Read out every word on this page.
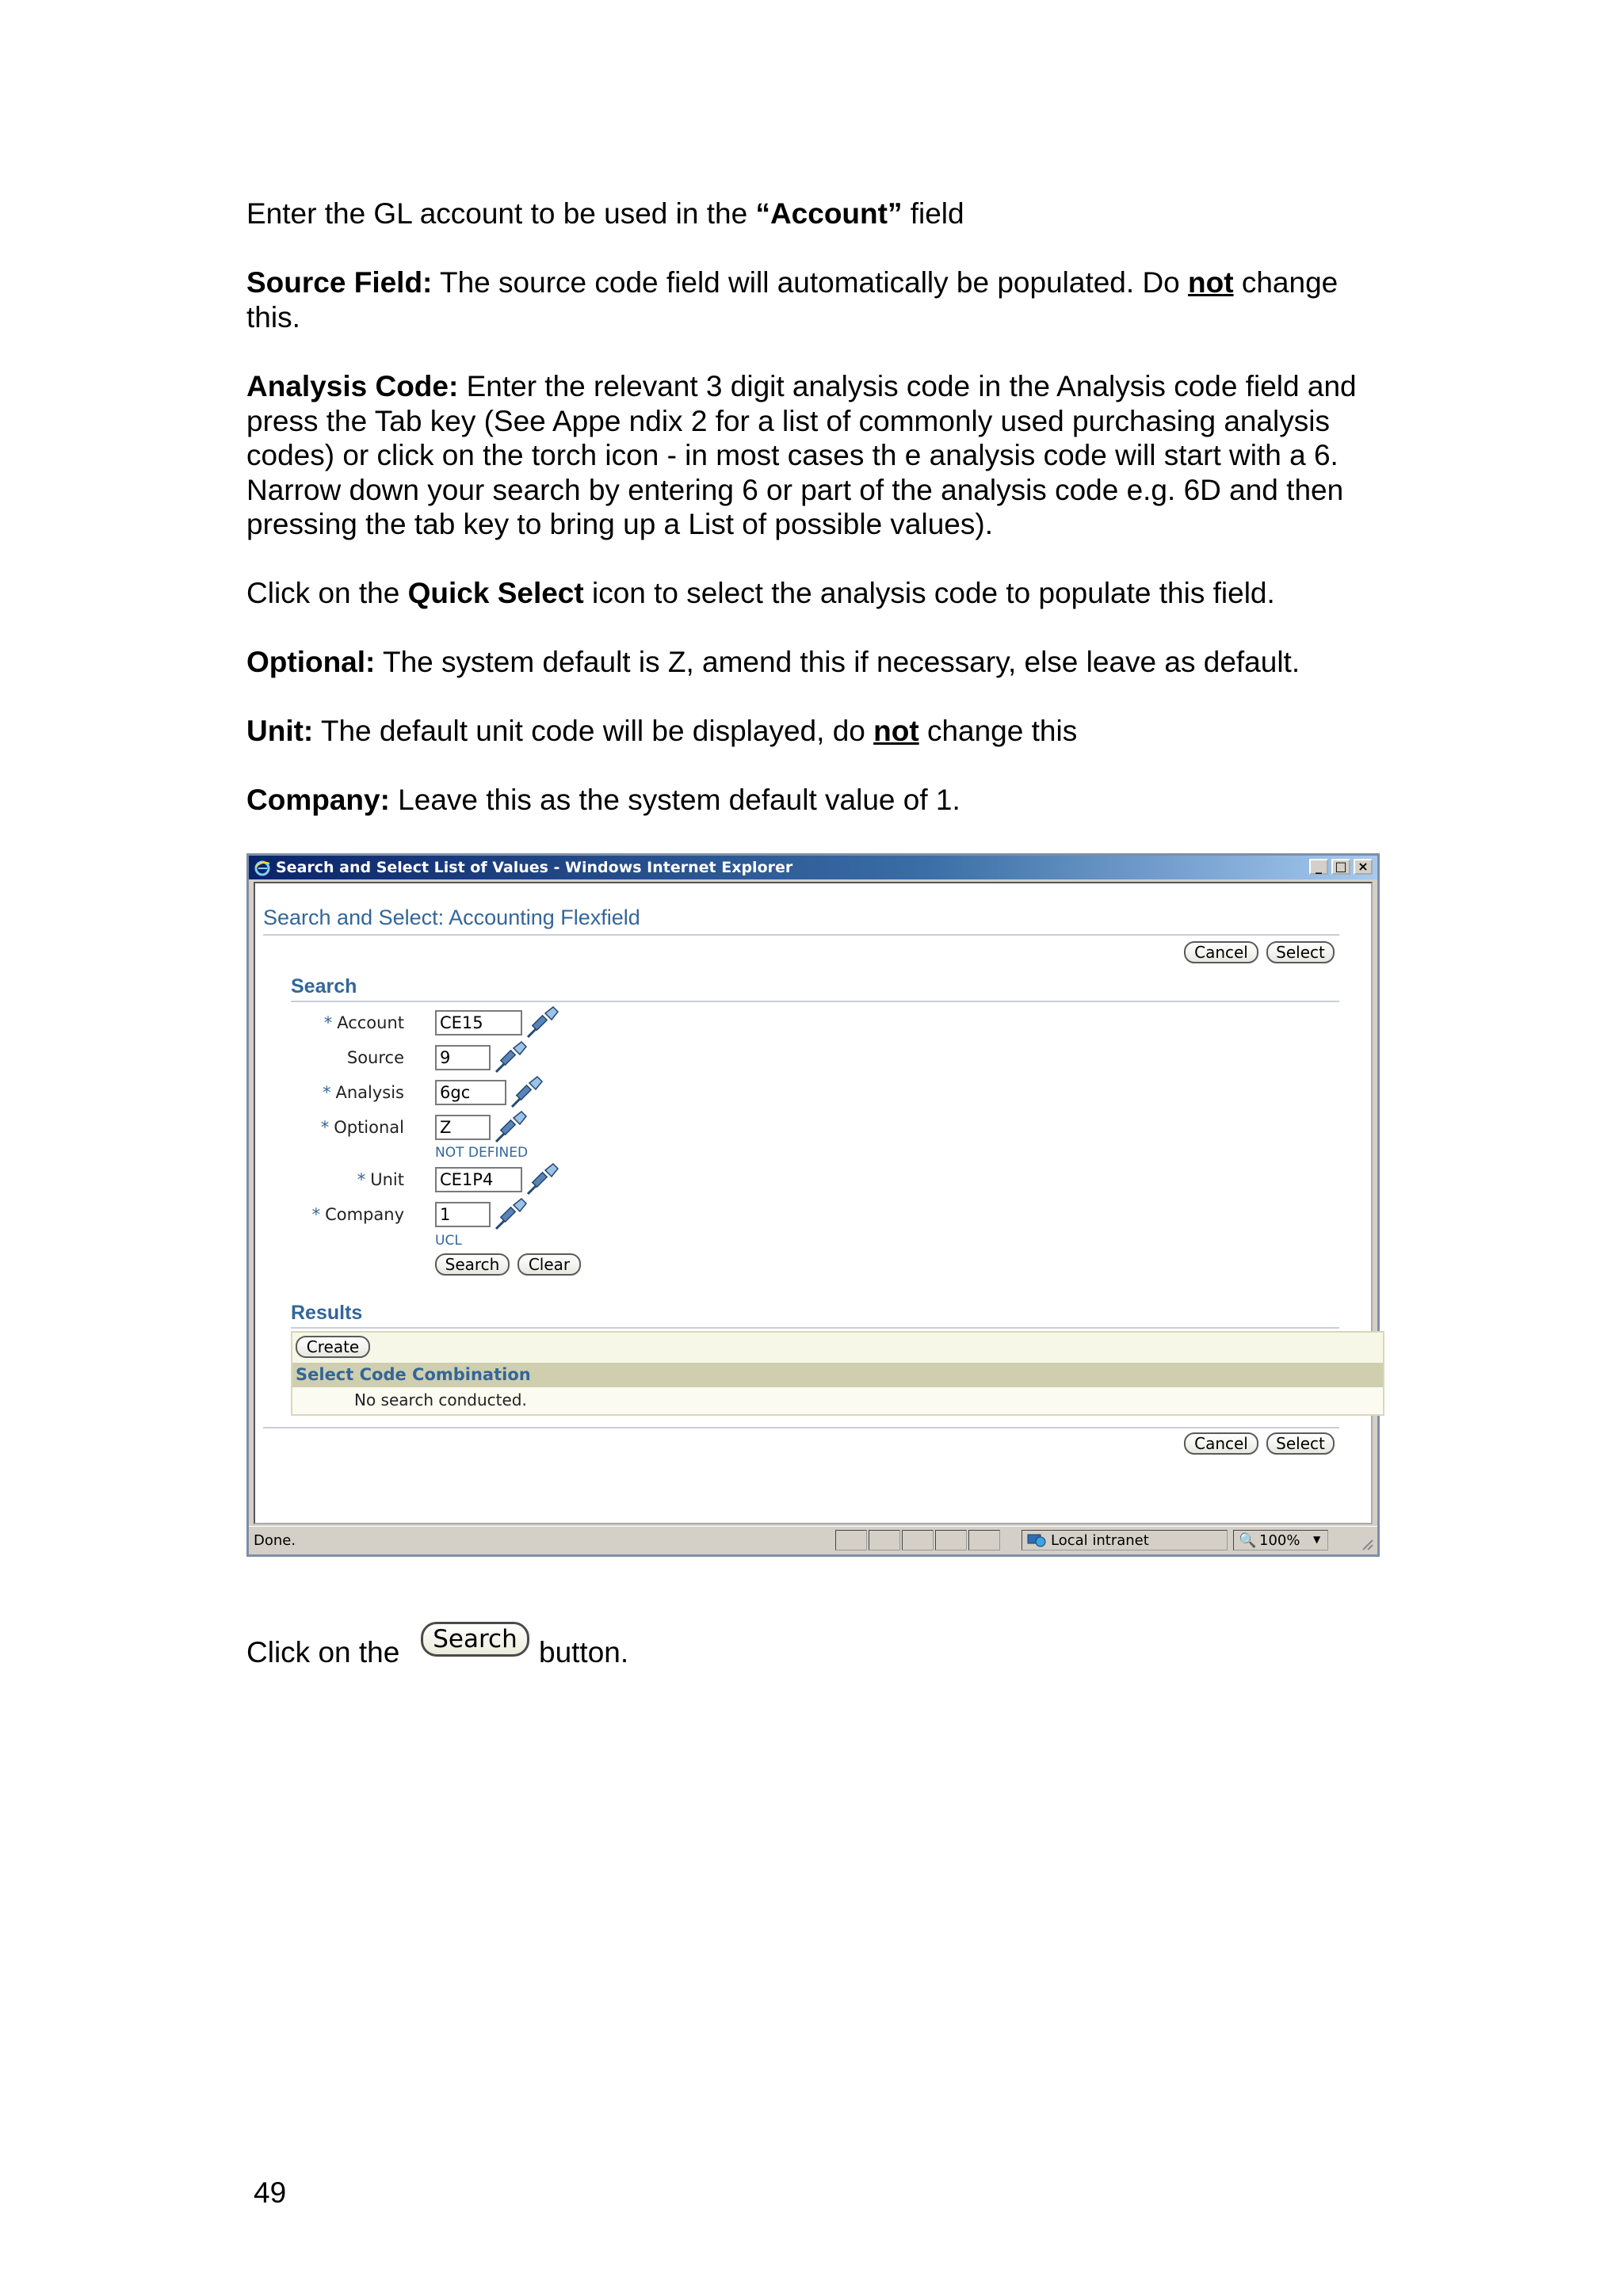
Enter the GL account to be used in the “Account” field

Source Field: The source code field will automatically be populated. Do not change this.

Analysis Code: Enter the relevant 3 digit analysis code in the Analysis code field and press the Tab key (See Appe ndix 2 for a list of commonly used purchasing analysis codes) or click on the torch icon - in most cases th e analysis code will start with a 6. Narrow down your search by entering 6 or part of the analysis code e.g. 6D and then pressing the tab key to bring up a List of possible values).

Click on the Quick Select icon to select the analysis code to populate this field.

Optional: The system default is Z, amend this if necessary, else leave as default.

Unit: The default unit code will be displayed, do not change this

Company: Leave this as the system default value of 1.

Search and Select List of Values - Windows Internet Explorer	_	□ ×
Search and Select: Accounting Flexfield
Cancel	Select
Search
* Account CE15
Source 9
* Analysis 6gc
* Optional Z
NOT DEFINED
* Unit CE1P4
* Company 1
UCL
Search	Clear
Results
Create
Select Code Combination
No search conducted.
Cancel	Select
Done.	Local intranet	🔍 100% ▼

Click on the	Search button.

49
